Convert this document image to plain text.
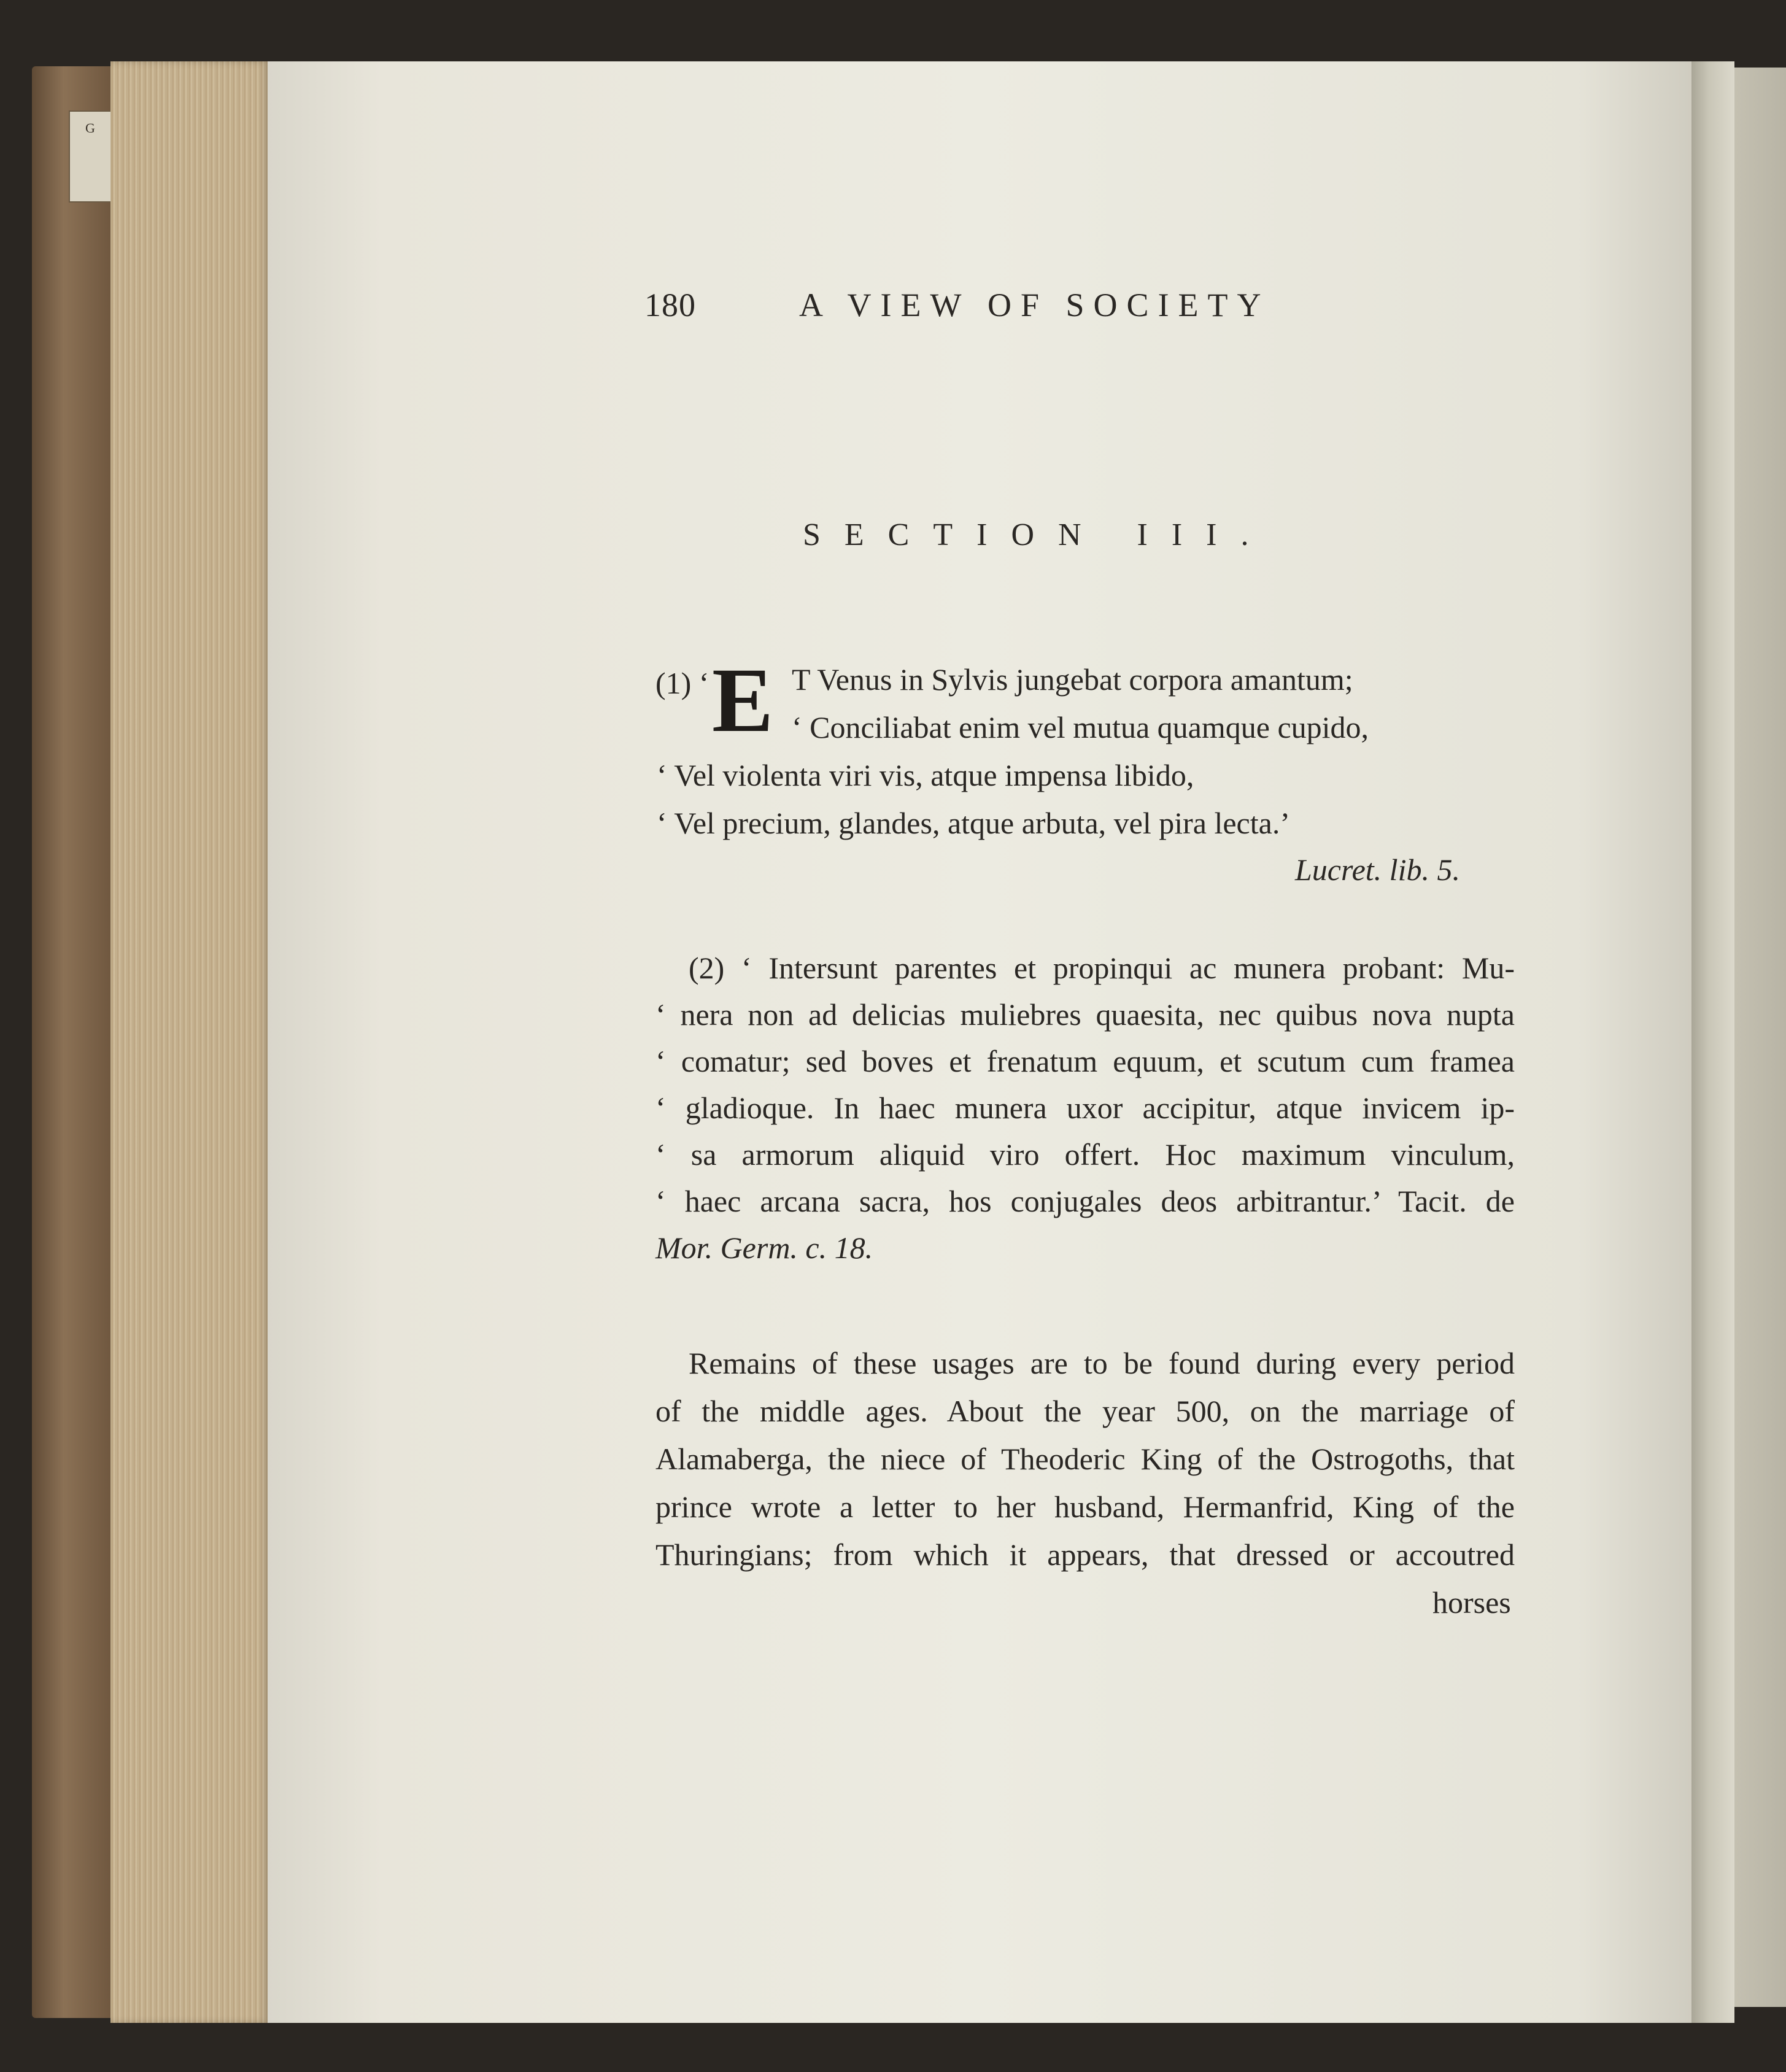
G
180	A VIEW OF SOCIETY
SECTION III.
(1) ‘ E T Venus in Sylvis jungebat corpora amantum;
‘ Conciliabat enim vel mutua quamque cupido,
‘ Vel violenta viri vis, atque impensa libido,
‘ Vel precium, glandes, atque arbuta, vel pira lecta.’
Lucret. lib. 5.
(2) ‘ Intersunt parentes et propinqui ac munera probant: Mu-
‘ nera non ad delicias muliebres quaesita, nec quibus nova nupta
‘ comatur; sed boves et frenatum equum, et scutum cum framea
‘ gladioque. In haec munera uxor accipitur, atque invicem ip-
‘ sa armorum aliquid viro offert. Hoc maximum vinculum,
‘ haec arcana sacra, hos conjugales deos arbitrantur.’ Tacit. de
Mor. Germ. c. 18.
Remains of these usages are to be found during every period
of the middle ages. About the year 500, on the marriage of
Alamaberga, the niece of Theoderic King of the Ostrogoths, that
prince wrote a letter to her husband, Hermanfrid, King of the
Thuringians; from which it appears, that dressed or accoutred
horses
